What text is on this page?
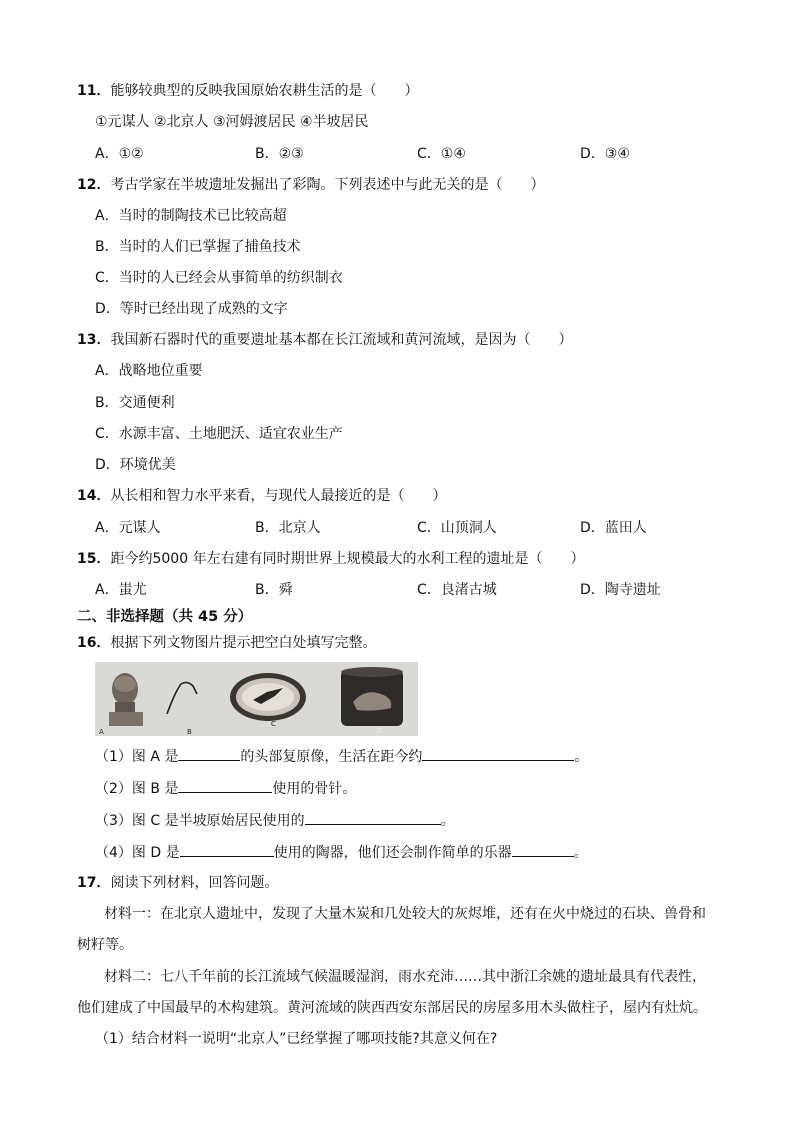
11．能够较典型的反映我国原始农耕生活的是（　　）
①元谋人 ②北京人 ③河姆渡居民 ④半坡居民
A．①②	B．②③	C．①④	D．③④
12．考古学家在半坡遗址发掘出了彩陶。下列表述中与此无关的是（　　）
A．当时的制陶技术已比较高超
B．当时的人们已掌握了捕鱼技术
C．当时的人已经会从事简单的纺织制衣
D．等时已经出现了成熟的文字
13．我国新石器时代的重要遗址基本都在长江流域和黄河流域，是因为（　　）
A．战略地位重要
B．交通便利
C．水源丰富、土地肥沃、适宜农业生产
D．环境优美
14．从长相和智力水平来看，与现代人最接近的是（　　）
A．元谋人	B．北京人	C．山顶洞人	D．蓝田人
15．距今约5000 年左右建有同时期世界上规模最大的水利工程的遗址是（　　）
A．蚩尤	B．舜	C．良渚古城	D．陶寺遗址
二、非选择题（共 45 分）
16．根据下列文物图片提示把空白处填写完整。
A	B
C
D
（1）图 A 是	的头部复原像，生活在距今约	。
（2）图 B 是	使用的骨针。
（3）图 C 是半坡原始居民使用的	。
（4）图 D 是	使用的陶器，他们还会制作简单的乐器	。
17．阅读下列材料，回答问题。
材料一：在北京人遗址中，发现了大量木炭和几处较大的灰烬堆，还有在火中烧过的石块、兽骨和
树籽等。
材料二：七八千年前的长江流域气候温暖湿润，雨水充沛……其中浙江余姚的遗址最具有代表性，
他们建成了中国最早的木构建筑。黄河流域的陕西西安东部居民的房屋多用木头做柱子，屋内有灶炕。
（1）结合材料一说明“北京人”已经掌握了哪项技能?其意义何在?
